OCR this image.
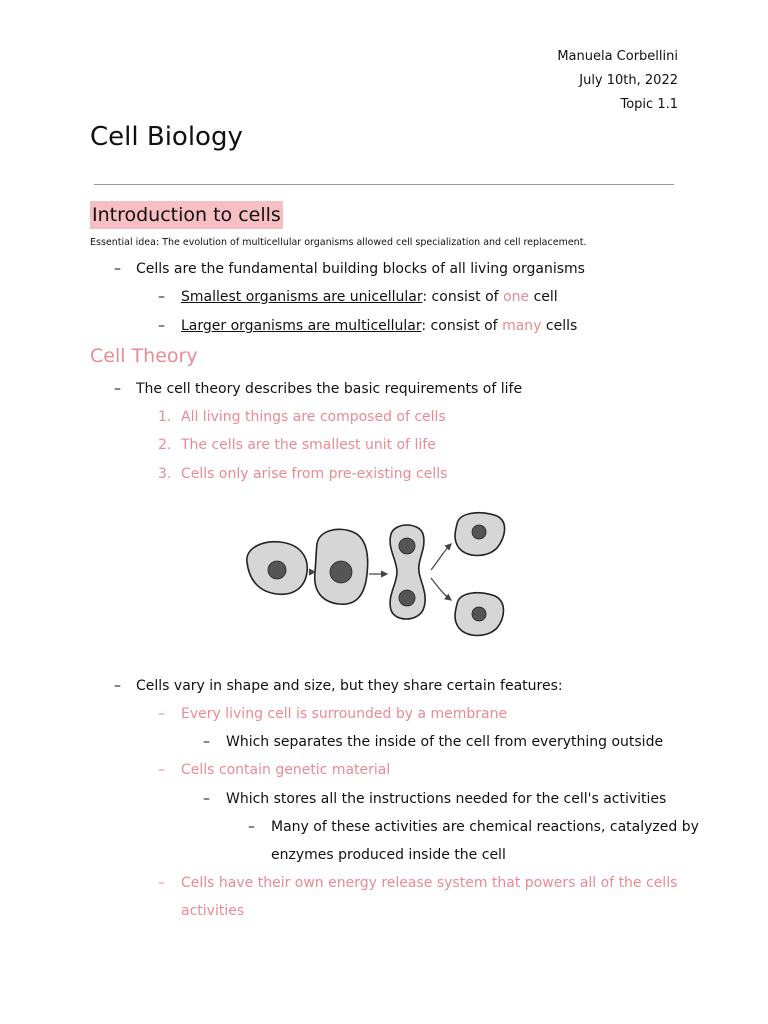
Manuela Corbellini
July 10th, 2022
Topic 1.1
Cell Biology
Introduction to cells
Essential idea: The evolution of multicellular organisms allowed cell specialization and cell replacement.
– Cells are the fundamental building blocks of all living organisms
– Smallest organisms are unicellular: consist of one cell
– Larger organisms are multicellular: consist of many cells
Cell Theory
– The cell theory describes the basic requirements of life
1. All living things are composed of cells
2. The cells are the smallest unit of life
3. Cells only arise from pre-existing cells
– Cells vary in shape and size, but they share certain features:
– Every living cell is surrounded by a membrane
– Which separates the inside of the cell from everything outside
– Cells contain genetic material
– Which stores all the instructions needed for the cell's activities
– Many of these activities are chemical reactions, catalyzed by
enzymes produced inside the cell
– Cells have their own energy release system that powers all of the cells
activities
